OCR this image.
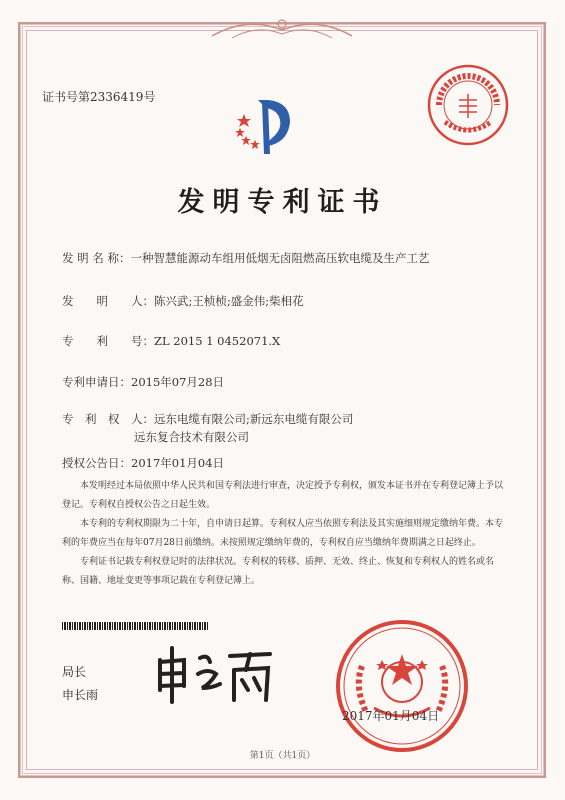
证书号第2336419号
发明专利证书
发 明 名 称：一种智慧能源动车组用低烟无卤阻燃高压软电缆及生产工艺
发　　明　　人：陈兴武;王桢桢;盛金伟;柴相花
专　　利　　号：ZL 2015 1 0452071.X
专利申请日：2015年07月28日
专　利　权　人：远东电缆有限公司;新远东电缆有限公司
远东复合技术有限公司
授权公告日：2017年01月04日

本发明经过本局依照中华人民共和国专利法进行审查，决定授予专利权，颁发本证书并在专利登记簿上予以登记。专利权自授权公告之日起生效。

本专利的专利权期限为二十年，自申请日起算。专利权人应当依照专利法及其实施细则规定缴纳年费。本专利的年费应当在每年07月28日前缴纳。未按照规定缴纳年费的，专利权自应当缴纳年费期满之日起终止。

专利证书记载专利权登记时的法律状况。专利权的转移、质押、无效、终止、恢复和专利权人的姓名或名称、国籍、地址变更等事项记载在专利登记簿上。

局长
申长雨
2017年01月04日
第1页（共1页）
